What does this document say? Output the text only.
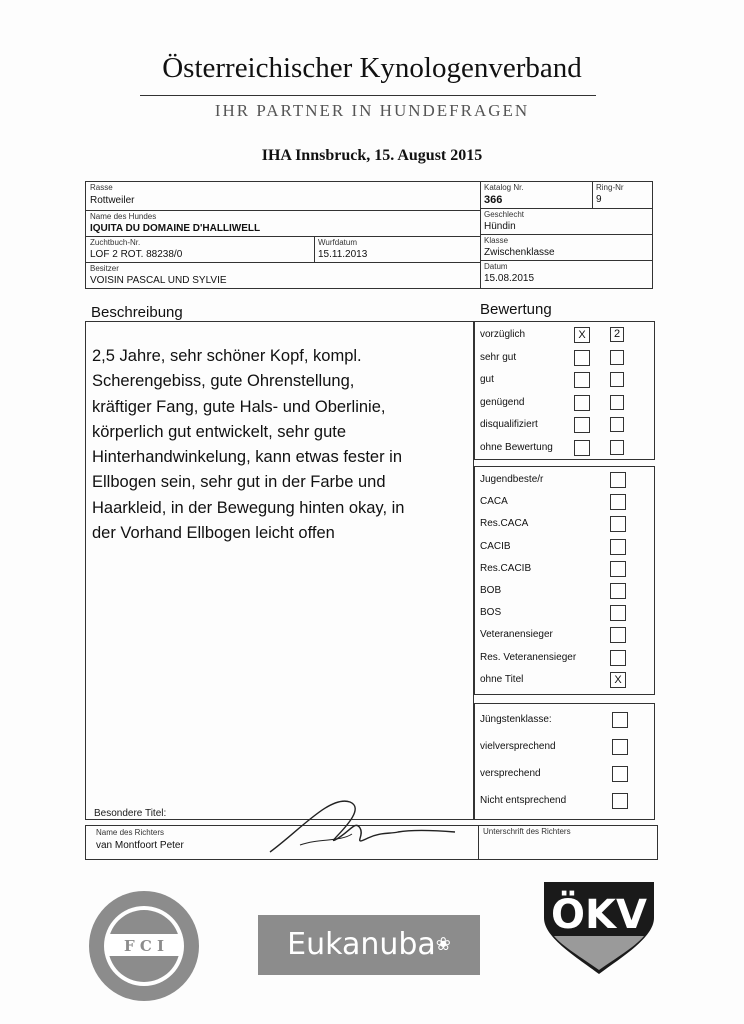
Österreichischer Kynologenverband
IHR PARTNER IN HUNDEFRAGEN
IHA Innsbruck, 15. August 2015
Rasse
Rottweiler
Katalog Nr.
366
Ring-Nr
9
Name des Hundes
IQUITA DU DOMAINE D'HALLIWELL
Geschlecht
Hündin
Zuchtbuch-Nr.
LOF 2 ROT. 88238/0
Wurfdatum
15.11.2013
Klasse
Zwischenklasse
Besitzer
VOISIN PASCAL UND SYLVIE
Datum
15.08.2015
Beschreibung	Bewertung
2,5 Jahre, sehr schöner Kopf, kompl.
Scherengebiss, gute Ohrenstellung,
kräftiger Fang, gute Hals- und Oberlinie,
körperlich gut entwickelt, sehr gute
Hinterhandwinkelung, kann etwas fester in
Ellbogen sein, sehr gut in der Farbe und
Haarkleid, in der Bewegung hinten okay, in
der Vorhand Ellbogen leicht offen
Besondere Titel:
vorzüglich	X	2
sehr gut
gut
genügend
disqualifiziert
ohne Bewertung
Jugendbeste/r
CACA
Res.CACA
CACIB
Res.CACIB
BOB
BOS
Veteranensieger
Res. Veteranensieger
ohne Titel	X
Jüngstenklasse:
vielversprechend
versprechend
Nicht entsprechend
Name des Richters
van Montfoort Peter
Unterschrift des Richters
F C I	Eukanuba❀
ÖKV
